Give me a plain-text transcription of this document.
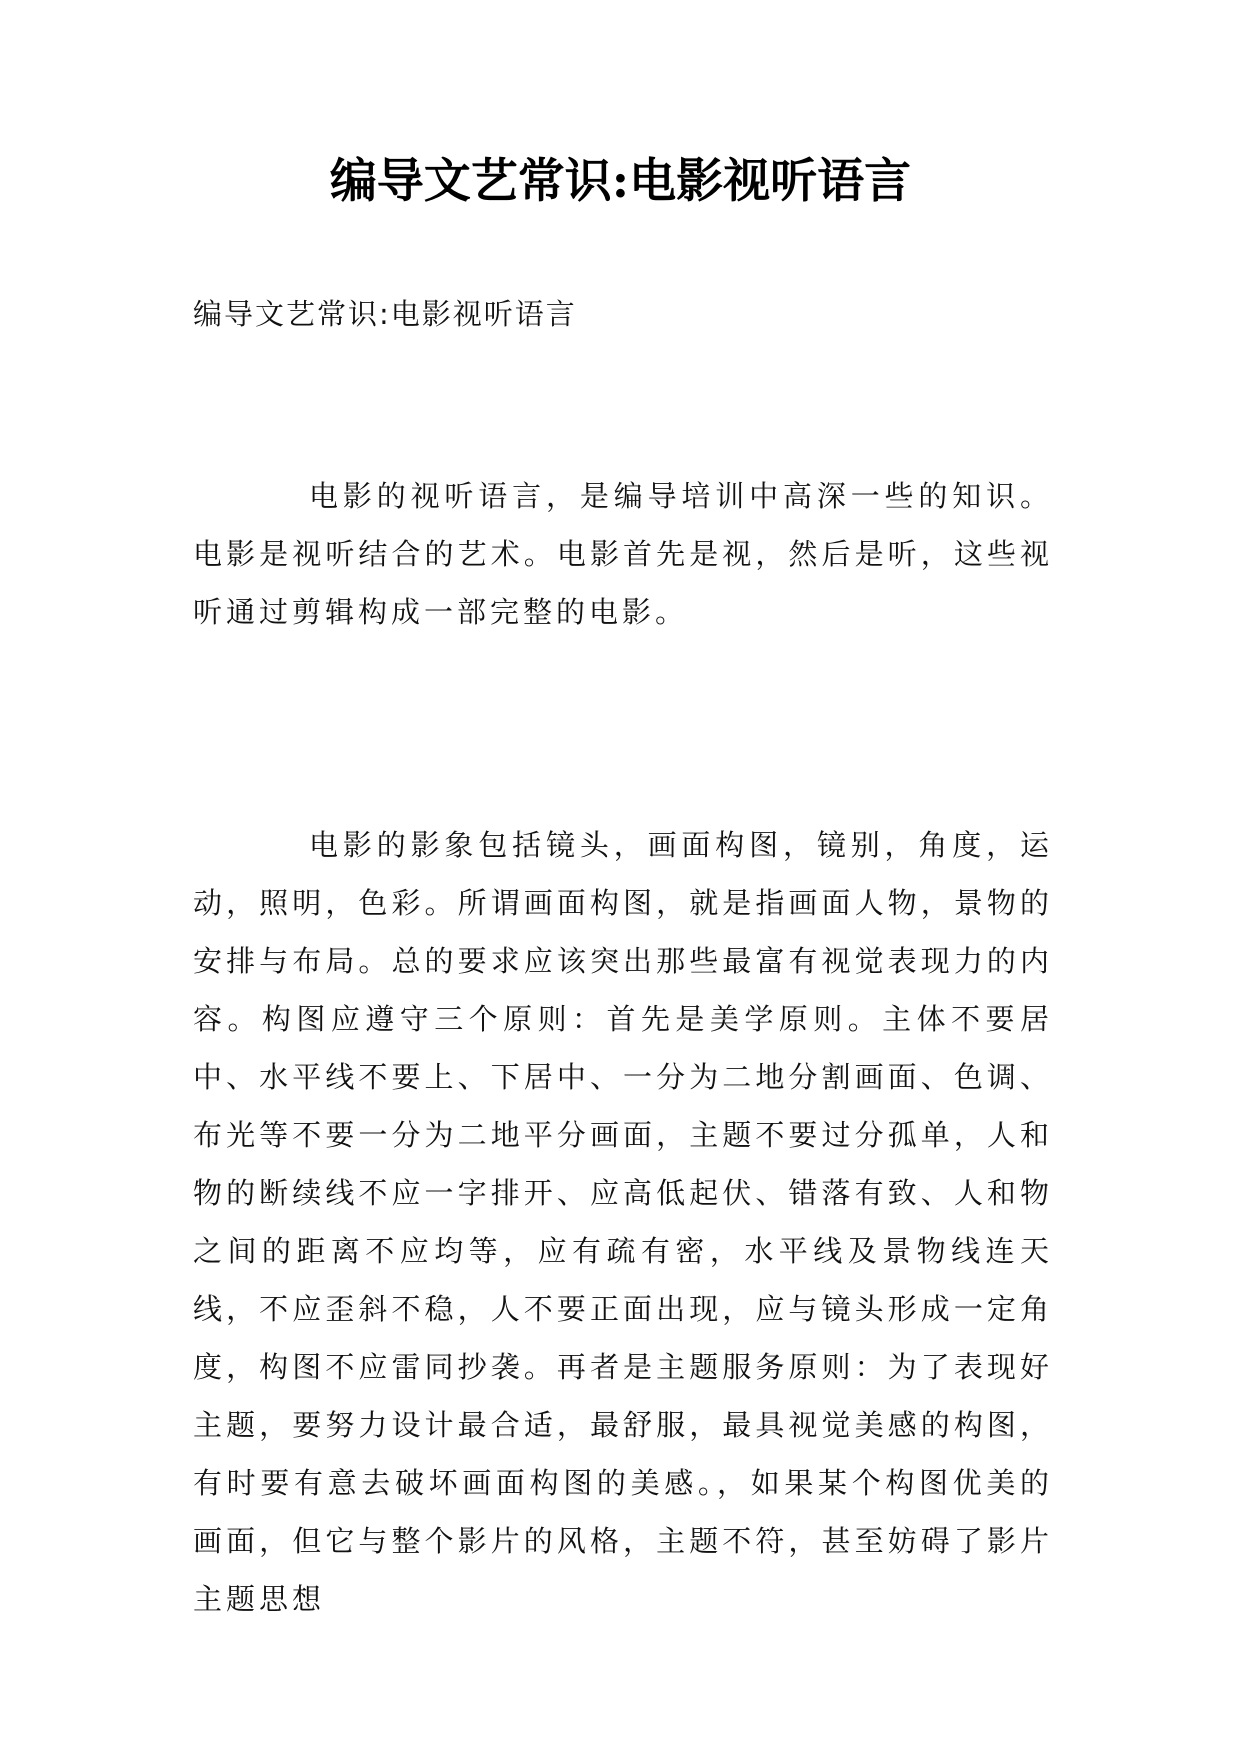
编导文艺常识:电影视听语言

编导文艺常识:电影视听语言

电影的视听语言，是编导培训中高深一些的知识。电影是视听结合的艺术。电影首先是视，然后是听，这些视听通过剪辑构成一部完整的电影。

电影的影象包括镜头，画面构图，镜别，角度，运动，照明，色彩。所谓画面构图，就是指画面人物，景物的安排与布局。总的要求应该突出那些最富有视觉表现力的内容。构图应遵守三个原则：首先是美学原则。主体不要居中、水平线不要上、下居中、一分为二地分割画面、色调、布光等不要一分为二地平分画面，主题不要过分孤单，人和物的断续线不应一字排开、应高低起伏、错落有致、人和物之间的距离不应均等，应有疏有密，水平线及景物线连天线，不应歪斜不稳，人不要正面出现，应与镜头形成一定角度，构图不应雷同抄袭。再者是主题服务原则：为了表现好主题，要努力设计最合适，最舒服，最具视觉美感的构图，有时要有意去破坏画面构图的美感。，如果某个构图优美的画面，但它与整个影片的风格，主题不符，甚至妨碍了影片主题思想
